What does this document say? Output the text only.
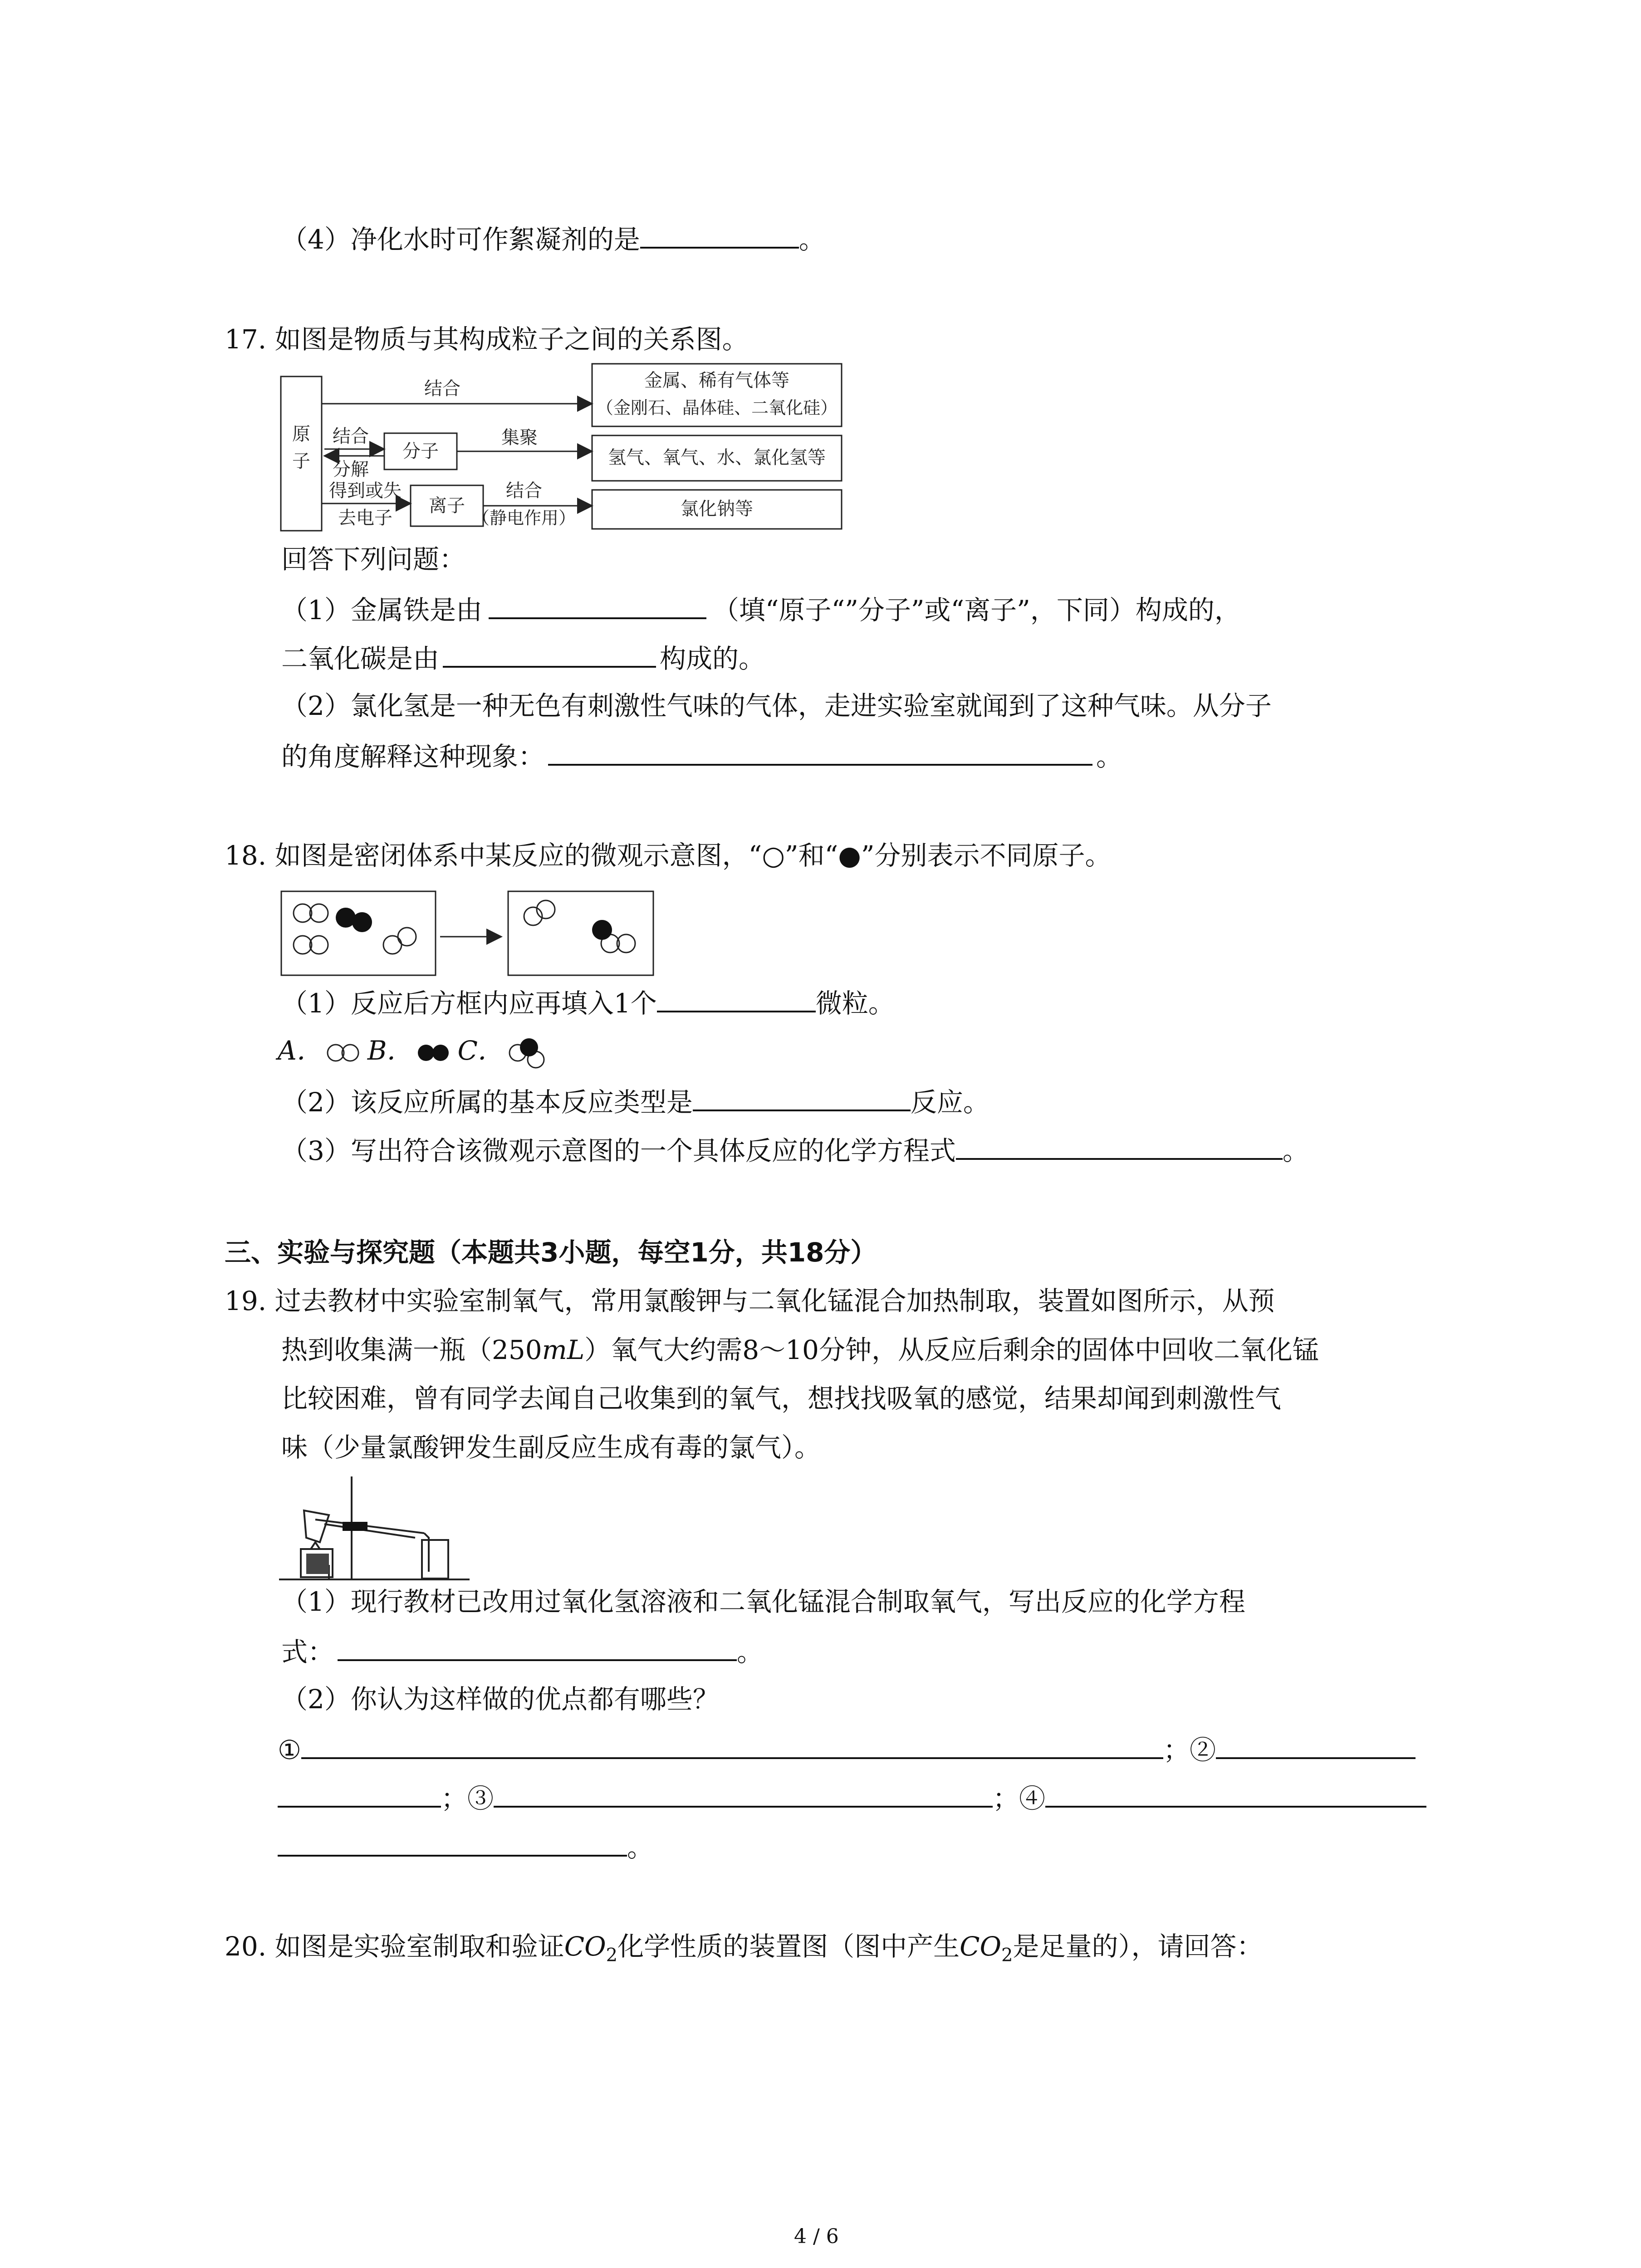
（4）净化水时可作絮凝剂的是	。
17. 如图是物质与其构成粒子之间的关系图。
原
子
结合	金属、稀有气体等
（金刚石、晶体硅、二氧化硅）
结合
分解
分子
集聚
氢气、氧气、水、氯化氢等
得到或失
去电子
离子
结合
（静电作用）	氯化钠等
回答下列问题：
（1）金属铁是由	（填“原子“”分子”或“离子”，下同）构成的，
二氧化碳是由	构成的。
（2）氯化氢是一种无色有刺激性气味的气体，走进实验室就闻到了这种气味。从分子
的角度解释这种现象：	。
18. 如图是密闭体系中某反应的微观示意图，“○”和“●”分别表示不同原子。
（1）反应后方框内应再填入1个	微粒。
A． B． C．
（2）该反应所属的基本反应类型是	反应。
（3）写出符合该微观示意图的一个具体反应的化学方程式	。
三、实验与探究题（本题共3小题，每空1分，共18分）
19. 过去教材中实验室制氧气，常用氯酸钾与二氧化锰混合加热制取，装置如图所示，从预
热到收集满一瓶（250mL）氧气大约需8～10分钟，从反应后剩余的固体中回收二氧化锰
比较困难，曾有同学去闻自己收集到的氧气，想找找吸氧的感觉，结果却闻到刺激性气
味（少量氯酸钾发生副反应生成有毒的氯气）。
（1）现行教材已改用过氧化氢溶液和二氧化锰混合制取氧气，写出反应的化学方程
式：	。
（2）你认为这样做的优点都有哪些？
①	；②
；③	；④
。
20. 如图是实验室制取和验证$CO_2$化学性质的装置图（图中产生$CO_2$是足量的），请回答：
4 / 6
